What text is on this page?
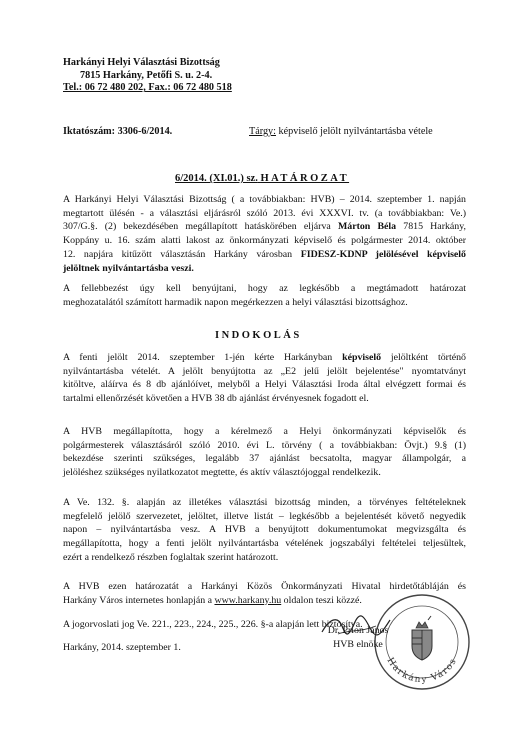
Harkányi Helyi Választási Bizottság
7815 Harkány, Petőfi S. u. 2-4.
Tel.: 06 72 480 202, Fax.: 06 72 480 518
Iktatószám: 3306-6/2014.	Tárgy: képviselő jelölt nyilvántartásba vétele
6/2014. (XI.01.) sz. HATÁROZAT
A Harkányi Helyi Választási Bizottság ( a továbbiakban: HVB) – 2014. szeptember 1. napján
megtartott ülésén - a választási eljárásról szóló 2013. évi XXXVI. tv. (a továbbiakban: Ve.)
307/G.§. (2) bekezdésében megállapított hatáskörében eljárva Márton Béla 7815 Harkány,
Koppány u. 16. szám alatti lakost az önkormányzati képviselő és polgármester 2014. október
12. napjára kitűzött választásán Harkány városban FIDESZ-KDNP jelölésével képviselő
jelöltnek nyilvántartásba veszi.
A fellebbezést úgy kell benyújtani, hogy az legkésőbb a megtámadott határozat
meghozatalától számított harmadik napon megérkezzen a helyi választási bizottsághoz.
INDOKOLÁS
A fenti jelölt 2014. szeptember 1-jén kérte Harkányban képviselő jelöltként történő
nyilvántartásba vételét. A jelölt benyújtotta az „E2 jelű jelölt bejelentése" nyomtatványt
kitöltve, aláírva és 8 db ajánlóívet, melyből a Helyi Választási Iroda által elvégzett formai és
tartalmi ellenőrzését követően a HVB 38 db ajánlást érvényesnek fogadott el.
A HVB megállapította, hogy a kérelmező a Helyi önkormányzati képviselők és
polgármesterek választásáról szóló 2010. évi L. törvény ( a továbbiakban: Övjt.) 9.§ (1)
bekezdése szerinti szükséges, legalább 37 ajánlást becsatolta, magyar állampolgár, a
jelöléshez szükséges nyilatkozatot megtette, és aktív választójoggal rendelkezik.
A Ve. 132. §. alapján az illetékes választási bizottság minden, a törvényes feltételeknek
megfelelő jelölő szervezetet, jelöltet, illetve listát – legkésőbb a bejelentését követő negyedik
napon – nyilvántartásba vesz. A HVB a benyújtott dokumentumokat megvizsgálta és
megállapította, hogy a fenti jelölt nyilvántartásba vételének jogszabályi feltételei teljesültek,
ezért a rendelkező részben foglaltak szerint határozott.
A HVB ezen határozatát a Harkányi Közös Önkormányzati Hivatal hirdetőtábláján és
Harkány Város internetes honlapján a www.harkany.hu oldalon teszi közzé.
A jogorvoslati jog Ve. 221., 223., 224., 225., 226. §-a alapján lett biztosítva.
Harkány, 2014. szeptember 1.
Harkány Város
Dr. Prion János
HVB elnöke
